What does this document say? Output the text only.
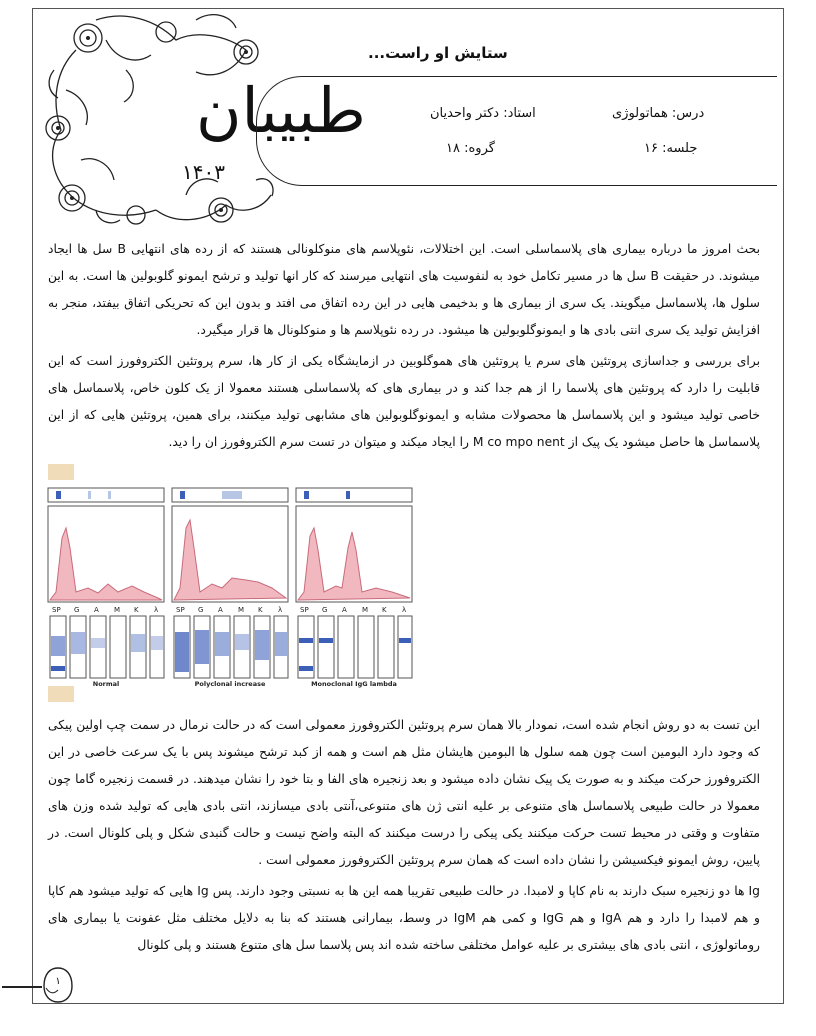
طبیبان
۱۴۰۳
ستایش او راست...
درس: هماتولوژی
استاد: دکتر واحدیان
جلسه: ۱۶
گروه: ۱۸

بحث امروز ما درباره بیماری های پلاسماسلی است. این اختلالات، نئوپلاسم های منوکلونالی هستند که از رده های انتهایی B سل ها ایجاد میشوند. در حقیقت B سل ها در مسیر تکامل خود به لنفوسیت های انتهایی میرسند که کار انها تولید و ترشح ایمونو گلوبولین ها است. به این سلول ها، پلاسماسل میگویند. یک سری از بیماری ها و بدخیمی هایی در این رده اتفاق می افتد و بدون این که تحریکی اتفاق بیفتد، منجر به افزایش تولید یک سری انتی بادی ها و ایمونوگلوبولین ها میشود. در رده نئوپلاسم ها و منوکلونال ها قرار میگیرد.

برای بررسی و جداسازی پروتئین های سرم یا پروتئین های هموگلوبین در ازمایشگاه یکی از کار ها، سرم پروتئین الکتروفورز است که این قابلیت را دارد که پروتئین های پلاسما را از هم جدا کند و در بیماری های که پلاسماسلی هستند معمولا از یک کلون خاص، پلاسماسل های خاصی تولید میشود و این پلاسماسل ها محصولات مشابه و ایمونوگلوبولین های مشابهی تولید میکنند، برای همین، پروتئین هایی که از این پلاسماسل ها حاصل میشود یک پیک از M co mpo nent را ایجاد میکند و میتوان در تست سرم الکتروفورز ان را دید.

SP G A M K λ	SP G A M K λ	SP G A M K λ
Normal	Polyclonal increase	Monoclonal IgG lambda

این تست به دو روش انجام شده است، نمودار بالا همان سرم پروتئین الکتروفورز معمولی است که در حالت نرمال در سمت چپ اولین پیکی که وجود دارد البومین است چون همه سلول ها البومین هایشان مثل هم است و همه از کبد ترشح میشوند پس با یک سرعت خاصی در این الکتروفورز حرکت میکند و به صورت یک پیک نشان داده میشود و بعد زنجیره های الفا و بتا خود را نشان میدهند. در قسمت زنجیره گاما چون معمولا در حالت طبیعی پلاسماسل های متنوعی بر علیه انتی ژن های متنوعی،آنتی بادی میسازند، انتی بادی هایی که تولید شده وزن های متفاوت و وقتی در محیط تست حرکت میکنند یکی پیکی را درست میکنند که البته واضح نیست و حالت گنبدی شکل و پلی کلونال است. در پایین، روش ایمونو فیکسیشن را نشان داده است که همان سرم پروتئین الکتروفورز معمولی است .

Ig ها دو زنجیره سبک دارند به نام کاپا و لامبدا. در حالت طبیعی تقریبا همه این ها به نسبتی وجود دارند. پس Ig هایی که تولید میشود هم کاپا و هم لامبدا را دارد و هم IgA و هم IgG و کمی هم IgM در وسط، بیمارانی هستند که بنا به دلایل مختلف مثل عفونت یا بیماری های روماتولوژی ، انتی بادی های بیشتری بر علیه عوامل مختلفی ساخته شده اند پس پلاسما سل های متنوع هستند و پلی کلونال

۱
